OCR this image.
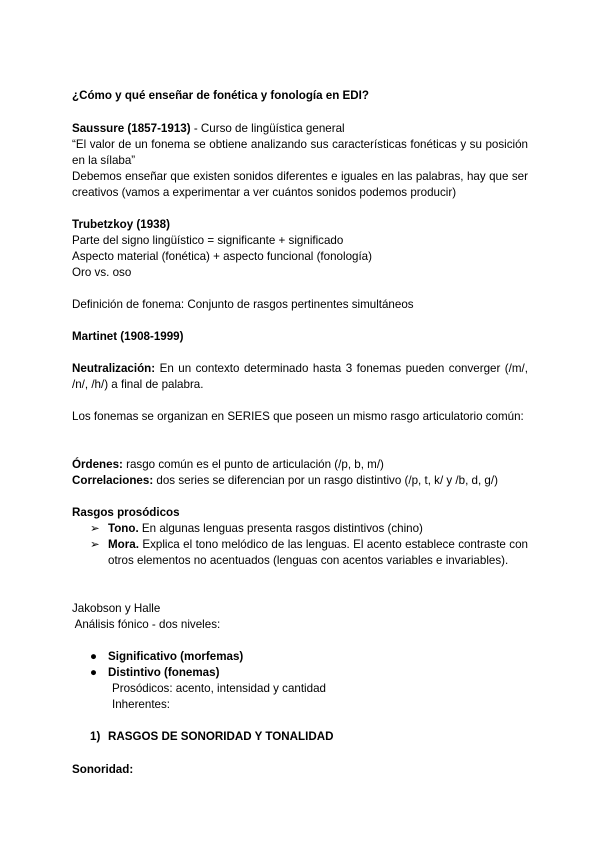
¿Cómo y qué enseñar de fonética y fonología en EDI?
Saussure (1857-1913) - Curso de lingüística general
“El valor de un fonema se obtiene analizando sus características fonéticas y su posición en la sílaba”
Debemos enseñar que existen sonidos diferentes e iguales en las palabras, hay que ser creativos (vamos a experimentar a ver cuántos sonidos podemos producir)
Trubetzkoy (1938)
Parte del signo lingüístico = significante + significado
Aspecto material (fonética) + aspecto funcional (fonología)
Oro vs. oso
Definición de fonema: Conjunto de rasgos pertinentes simultáneos
Martinet (1908-1999)
Neutralización: En un contexto determinado hasta 3 fonemas pueden converger (/m/, /n/, /h/) a final de palabra.
Los fonemas se organizan en SERIES que poseen un mismo rasgo articulatorio común:
Órdenes: rasgo común es el punto de articulación (/p, b, m/)
Correlaciones: dos series se diferencian por un rasgo distintivo (/p, t, k/ y /b, d, g/)
Rasgos prosódicos
➢ Tono. En algunas lenguas presenta rasgos distintivos (chino)
➢ Mora. Explica el tono melódico de las lenguas. El acento establece contraste con otros elementos no acentuados (lenguas con acentos variables e invariables).
Jakobson y Halle
Análisis fónico - dos niveles:
● Significativo (morfemas)
● Distintivo (fonemas)
Prosódicos: acento, intensidad y cantidad
Inherentes:
1) RASGOS DE SONORIDAD Y TONALIDAD
Sonoridad:
